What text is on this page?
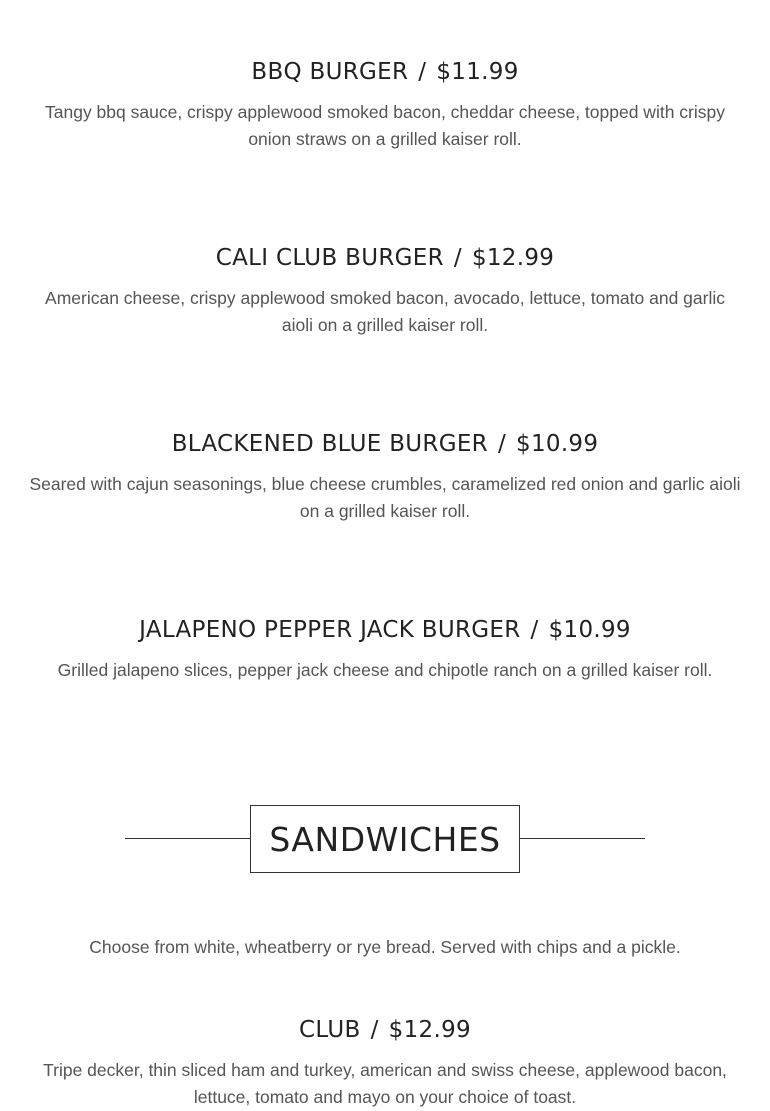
BBQ BURGER / $11.99
Tangy bbq sauce, crispy applewood smoked bacon, cheddar cheese, topped with crispy onion straws on a grilled kaiser roll.
CALI CLUB BURGER / $12.99
American cheese, crispy applewood smoked bacon, avocado, lettuce, tomato and garlic aioli on a grilled kaiser roll.
BLACKENED BLUE BURGER / $10.99
Seared with cajun seasonings, blue cheese crumbles, caramelized red onion and garlic aioli on a grilled kaiser roll.
JALAPENO PEPPER JACK BURGER / $10.99
Grilled jalapeno slices, pepper jack cheese and chipotle ranch on a grilled kaiser roll.
SANDWICHES
Choose from white, wheatberry or rye bread. Served with chips and a pickle.
CLUB / $12.99
Tripe decker, thin sliced ham and turkey, american and swiss cheese, applewood bacon, lettuce, tomato and mayo on your choice of toast.
